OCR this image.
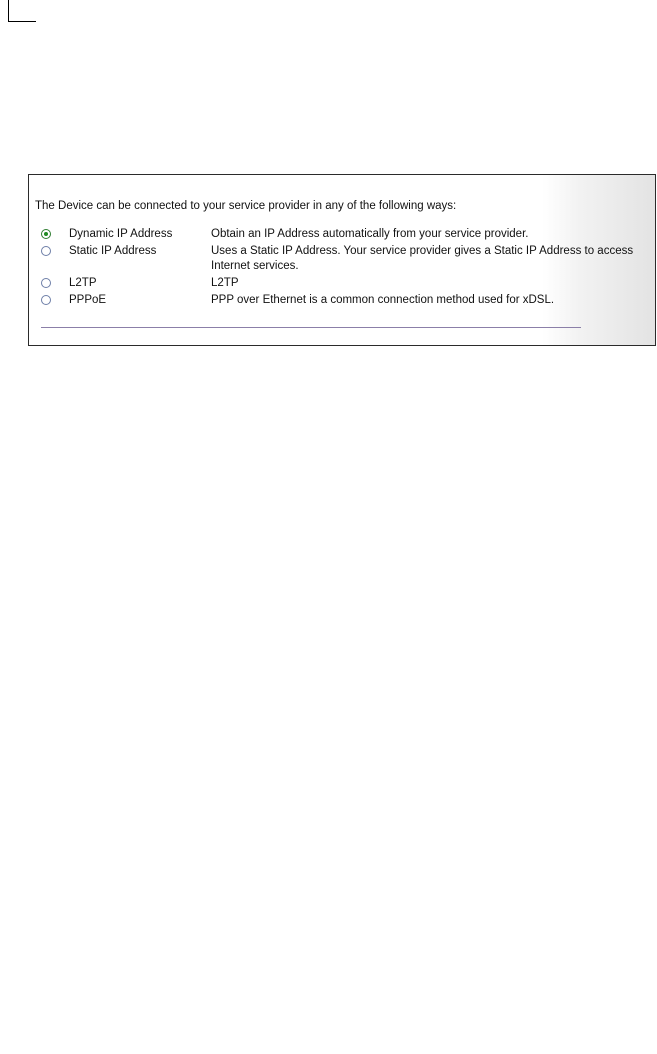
The Device can be connected to your service provider in any of the following ways:
Dynamic IP Address	Obtain an IP Address automatically from your service provider.
Static IP Address	Uses a Static IP Address. Your service provider gives a Static IP Address to access Internet services.
L2TP	L2TP
PPPoE	PPP over Ethernet is a common connection method used for xDSL.
